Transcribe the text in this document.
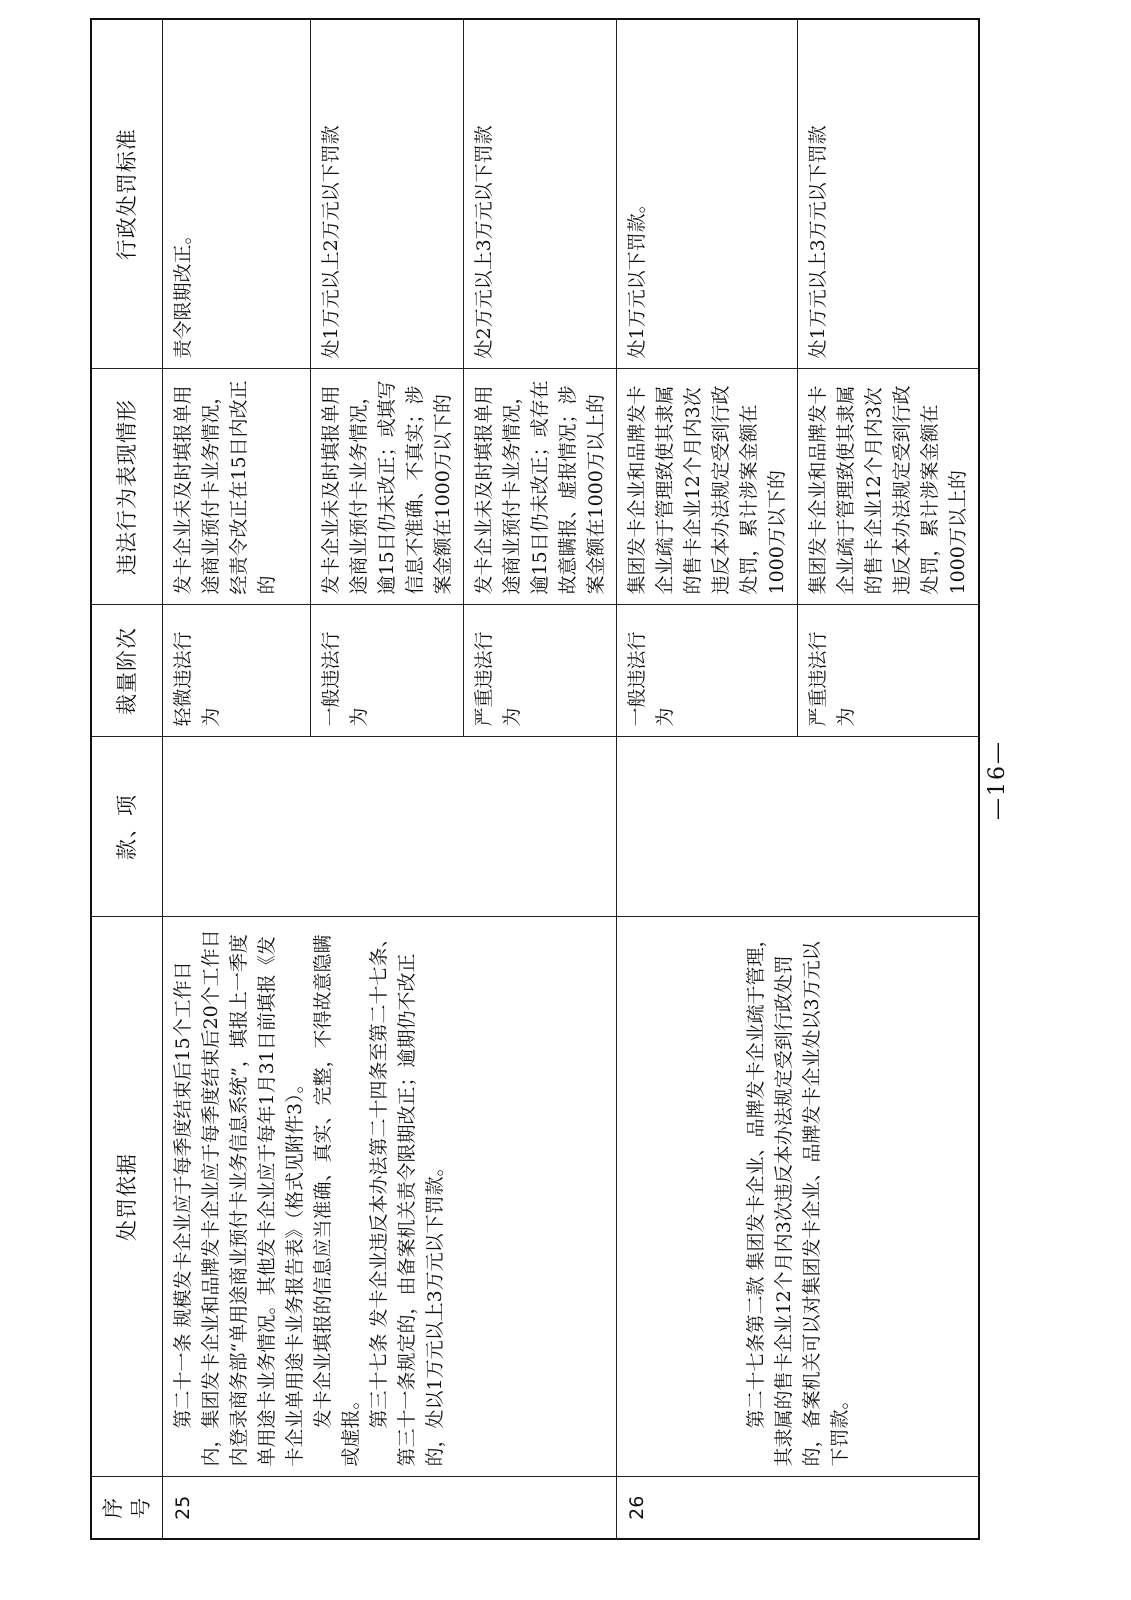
序号	处罚依据	款、项	裁量阶次	违法行为表现情形	行政处罚标准
25	第二十一条 规模发卡企业应于每季度结束后15个工作日内，集团发卡企业和品牌发卡企业应于每季度结束后20个工作日内登录商务部“单用途商业预付卡业务信息系统”，填报上一季度单用途卡业务情况。其他发卡企业应于每年1月31日前填报《发卡企业单用途卡业务报告表》（格式见附件3）。 发卡企业填报的信息应当准确、真实、完整，不得故意隐瞒或虚报。 第三十七条 发卡企业违反本办法第二十四条至第二十七条、第三十一条规定的，由备案机关责令限期改正；逾期仍不改正的，处以1万元以上3万元以下罚款。		轻微违法行为	发卡企业未及时填报单用途商业预付卡业务情况，经责令改正在15日内改正的	责令限期改正。
			一般违法行为	发卡企业未及时填报单用途商业预付卡业务情况，逾15日仍未改正；或填写信息不准确、不真实；涉案金额在1000万以下的	处1万元以上2万元以下罚款
			严重违法行为	发卡企业未及时填报单用途商业预付卡业务情况，逾15日仍未改正；或存在故意瞒报、虚报情况；涉案金额在1000万以上的	处2万元以上3万元以下罚款
26	第二十七条第二款 集团发卡企业、品牌发卡企业疏于管理，其隶属的售卡企业12个月内3次违反本办法规定受到行政处罚的，备案机关可以对集团发卡企业、品牌发卡企业处以3万元以下罚款。		一般违法行为	集团发卡企业和品牌发卡企业疏于管理致使其隶属的售卡企业12个月内3次违反本办法规定受到行政处罚，累计涉案金额在1000万以下的	处1万元以下罚款。
			严重违法行为	集团发卡企业和品牌发卡企业疏于管理致使其隶属的售卡企业12个月内3次违反本办法规定受到行政处罚，累计涉案金额在1000万以上的	处1万元以上3万元以下罚款
—16—
